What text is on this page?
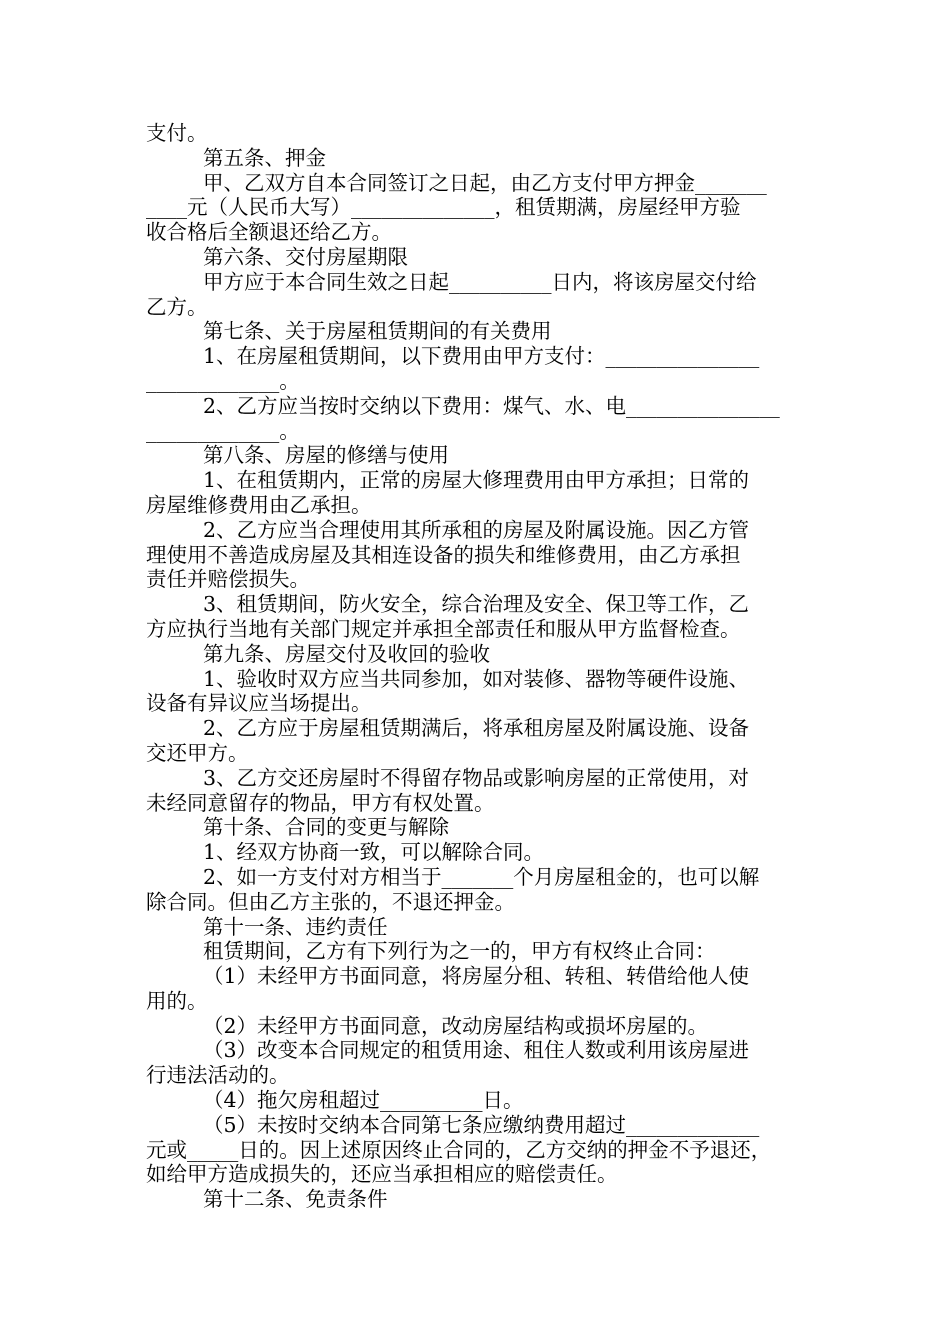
支付。
第五条、押金
甲、乙双方自本合同签订之日起，由乙方支付甲方押金_______
____元（人民币大写）______________，租赁期满，房屋经甲方验
收合格后全额退还给乙方。
第六条、交付房屋期限
甲方应于本合同生效之日起__________日内，将该房屋交付给
乙方。
第七条、关于房屋租赁期间的有关费用
1、在房屋租赁期间，以下费用由甲方支付：_______________
_____________。
2、乙方应当按时交纳以下费用：煤气、水、电_______________
_____________。
第八条、房屋的修缮与使用
1、在租赁期内，正常的房屋大修理费用由甲方承担；日常的
房屋维修费用由乙承担。
2、乙方应当合理使用其所承租的房屋及附属设施。因乙方管
理使用不善造成房屋及其相连设备的损失和维修费用，由乙方承担
责任并赔偿损失。
3、租赁期间，防火安全，综合治理及安全、保卫等工作，乙
方应执行当地有关部门规定并承担全部责任和服从甲方监督检查。
第九条、房屋交付及收回的验收
1、验收时双方应当共同参加，如对装修、器物等硬件设施、
设备有异议应当场提出。
2、乙方应于房屋租赁期满后，将承租房屋及附属设施、设备
交还甲方。
3、乙方交还房屋时不得留存物品或影响房屋的正常使用，对
未经同意留存的物品，甲方有权处置。
第十条、合同的变更与解除
1、经双方协商一致，可以解除合同。
2、如一方支付对方相当于_______个月房屋租金的，也可以解
除合同。但由乙方主张的，不退还押金。
第十一条、违约责任
租赁期间，乙方有下列行为之一的，甲方有权终止合同：
（1）未经甲方书面同意，将房屋分租、转租、转借给他人使
用的。
（2）未经甲方书面同意，改动房屋结构或损坏房屋的。
（3）改变本合同规定的租赁用途、租住人数或利用该房屋进
行违法活动的。
（4）拖欠房租超过__________日。
（5）未按时交纳本合同第七条应缴纳费用超过_____________
元或_____日的。因上述原因终止合同的，乙方交纳的押金不予退还，
如给甲方造成损失的，还应当承担相应的赔偿责任。
第十二条、免责条件
